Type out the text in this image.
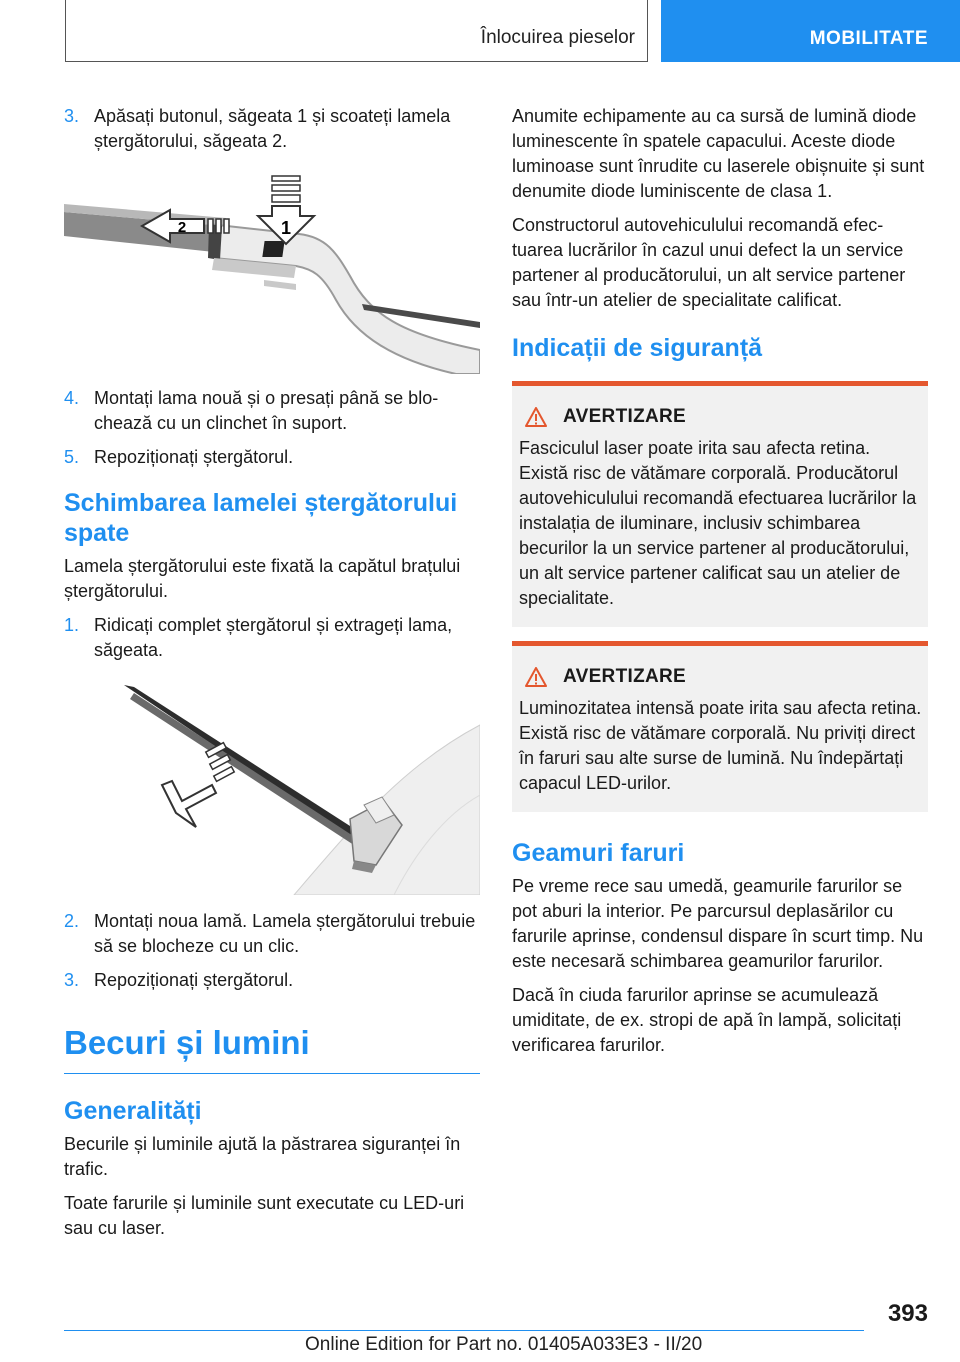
Înlocuirea pieselor	MOBILITATE
3. Apăsați butonul, săgeata 1 și scoateți lamela ștergătorului, săgeata 2.
1
2
4. Montați lama nouă și o presați până se blochează cu un clinchet în suport.
5. Repoziționați ștergătorul.
Schimbarea lamelei ștergătorului spate

Lamela ștergătorului este fixată la capătul brațului ștergătorului.

1. Ridicați complet ștergătorul și extrageți lama, săgeata.
2. Montați noua lamă. Lamela ștergătorului trebuie să se blocheze cu un clic.
3. Repoziționați ștergătorul.
Becuri și lumini
Generalități

Becurile și luminile ajută la păstrarea siguranței în trafic.

Toate farurile și luminile sunt executate cu LED-uri sau cu laser.

Anumite echipamente au ca sursă de lumină diode luminescente în spatele capacului. Aceste diode luminoase sunt înrudite cu laserele obișnuite și sunt denumite diode luminiscente de clasa 1.

Constructorul autovehiculului recomandă efectuarea lucrărilor în cazul unui defect la un service partener al producătorului, un alt service partener sau într-un atelier de specialitate calificat.

Indicații de siguranță
AVERTIZARE

Fasciculul laser poate irita sau afecta retina. Există risc de vătămare corporală. Producătorul autovehiculului recomandă efectuarea lucrărilor la instalația de iluminare, inclusiv schimbarea becurilor la un service partener al producătorului, un alt service partener calificat sau un atelier de specialitate.

AVERTIZARE

Luminozitatea intensă poate irita sau afecta retina. Există risc de vătămare corporală. Nu priviți direct în faruri sau alte surse de lumină. Nu îndepărtați capacul LED-urilor.

Geamuri faruri

Pe vreme rece sau umedă, geamurile farurilor se pot aburi la interior. Pe parcursul deplasărilor cu farurile aprinse, condensul dispare în scurt timp. Nu este necesară schimbarea geamurilor farurilor.

Dacă în ciuda farurilor aprinse se acumulează umiditate, de ex. stropi de apă în lampă, solicitați verificarea farurilor.

393
Online Edition for Part no. 01405A033E3 - II/20
